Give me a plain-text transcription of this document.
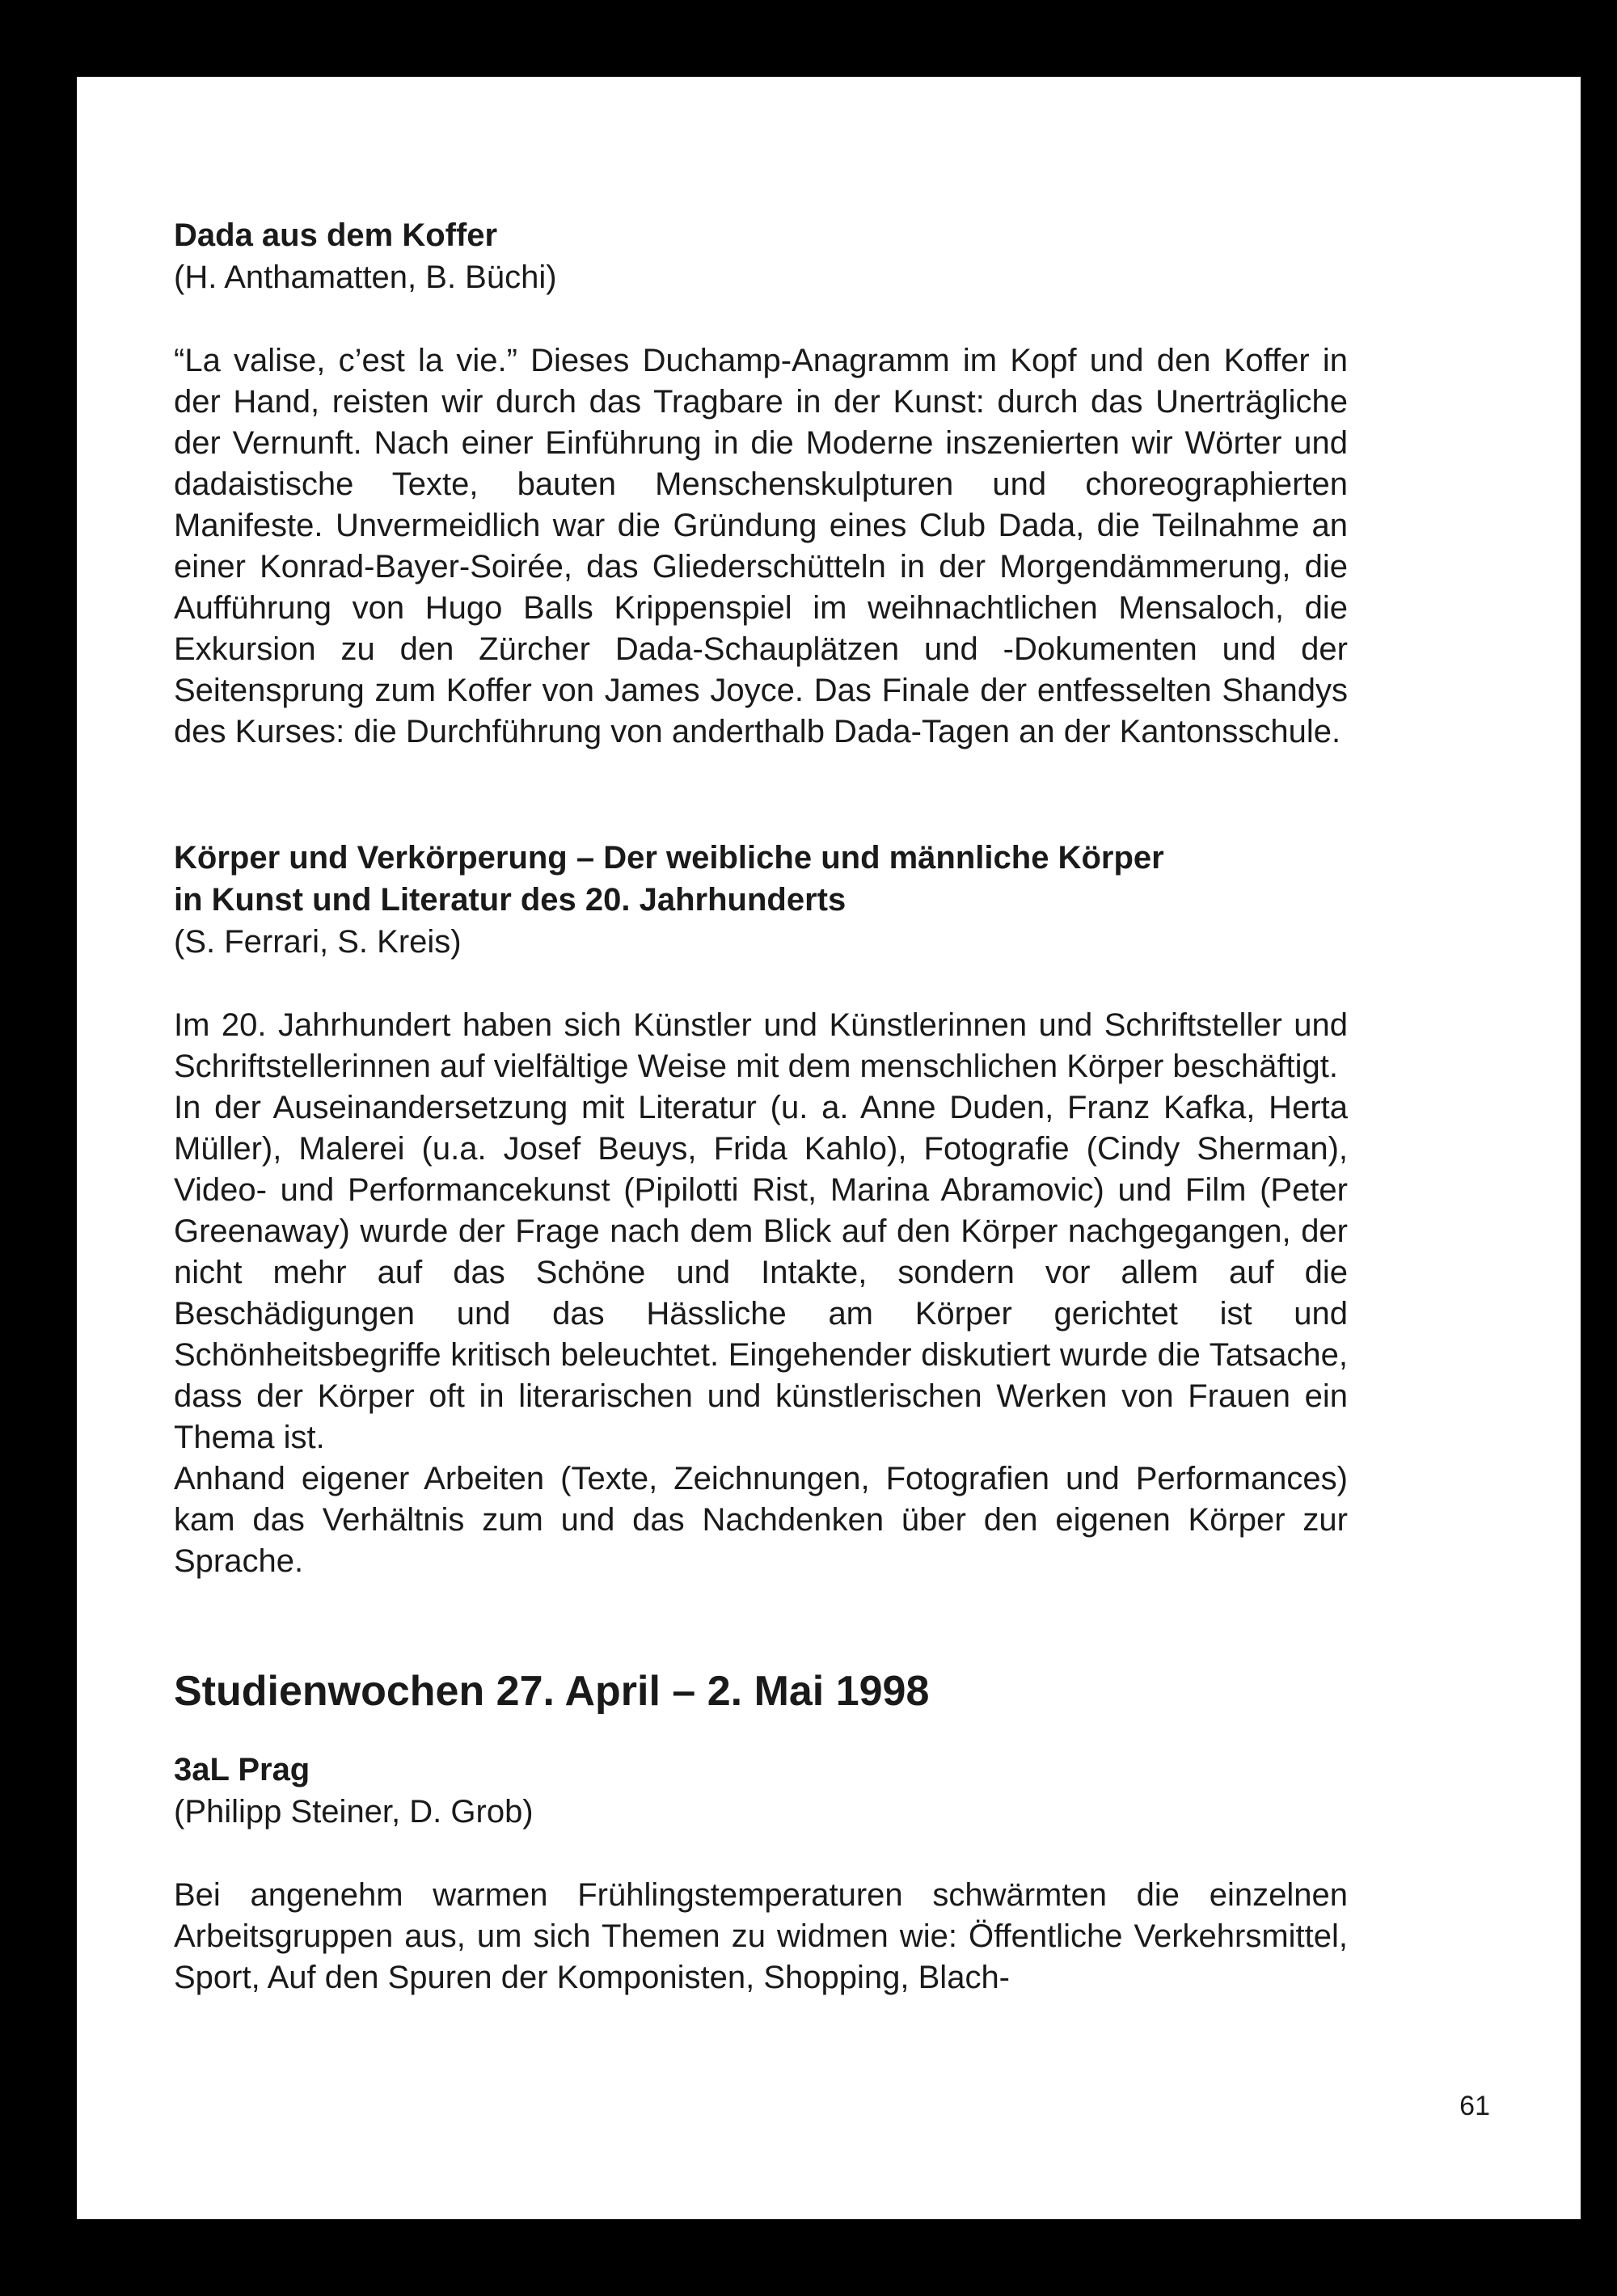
Dada aus dem Koffer

(H. Anthamatten, B. Büchi)

“La valise, c’est la vie.” Dieses Duchamp-Anagramm im Kopf und den Koffer in der Hand, reisten wir durch das Tragbare in der Kunst: durch das Unerträgliche der Vernunft. Nach einer Einführung in die Moderne inszenierten wir Wörter und dadaistische Texte, bauten Menschenskulpturen und choreographierten Manifeste. Unvermeidlich war die Gründung eines Club Dada, die Teilnahme an einer Konrad-Bayer-Soirée, das Gliederschütteln in der Morgendämmerung, die Aufführung von Hugo Balls Krippenspiel im weihnachtlichen Mensaloch, die Exkursion zu den Zürcher Dada-Schauplätzen und -Dokumenten und der Seitensprung zum Koffer von James Joyce. Das Finale der entfesselten Shandys des Kurses: die Durchführung von anderthalb Dada-Tagen an der Kantonsschule.

Körper und Verkörperung – Der weibliche und männliche Körper

in Kunst und Literatur des 20. Jahrhunderts

(S. Ferrari, S. Kreis)

Im 20. Jahrhundert haben sich Künstler und Künstlerinnen und Schriftsteller und Schriftstellerinnen auf vielfältige Weise mit dem menschlichen Körper beschäftigt.

In der Auseinandersetzung mit Literatur (u. a. Anne Duden, Franz Kafka, Herta Müller), Malerei (u.a. Josef Beuys, Frida Kahlo), Fotografie (Cindy Sherman), Video- und Performancekunst (Pipilotti Rist, Marina Abramovic) und Film (Peter Greenaway) wurde der Frage nach dem Blick auf den Körper nachgegangen, der nicht mehr auf das Schöne und Intakte, sondern vor allem auf die Beschädigungen und das Hässliche am Körper gerichtet ist und Schönheitsbegriffe kritisch beleuchtet. Eingehender diskutiert wurde die Tatsache, dass der Körper oft in literarischen und künstlerischen Werken von Frauen ein Thema ist.

Anhand eigener Arbeiten (Texte, Zeichnungen, Fotografien und Performances) kam das Verhältnis zum und das Nachdenken über den eigenen Körper zur Sprache.

Studienwochen 27. April – 2. Mai 1998

3aL Prag

(Philipp Steiner, D. Grob)

Bei angenehm warmen Frühlingstemperaturen schwärmten die einzelnen Arbeitsgruppen aus, um sich Themen zu widmen wie: Öffentliche Verkehrsmittel, Sport, Auf den Spuren der Komponisten, Shopping, Blach-

61
